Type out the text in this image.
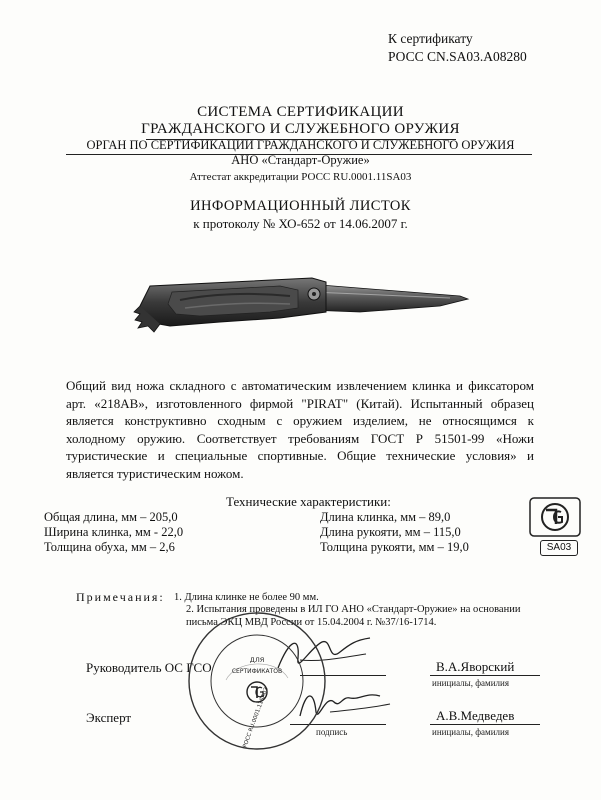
К сертификату
РОСС CN.SA03.A08280
СИСТЕМА СЕРТИФИКАЦИИ
ГРАЖДАНСКОГО И СЛУЖЕБНОГО ОРУЖИЯ
ОРГАН ПО СЕРТИФИКАЦИИ ГРАЖДАНСКОГО И СЛУЖЕБНОГО ОРУЖИЯ
АНО «Стандарт-Оружие»
Аттестат аккредитации РОСС RU.0001.11SA03
ИНФОРМАЦИОННЫЙ ЛИСТОК
к протоколу № ХО-652 от 14.06.2007 г.
Общий вид ножа складного с автоматическим извлечением клинка и фиксатором арт. «218АВ», изготовленного фирмой "PIRAT" (Китай). Испытанный образец является конструктивно сходным с оружием изделием, не относящимся к холодному оружию. Соответствует требованиям ГОСТ Р 51501-99 «Ножи туристические и специальные спортивные. Общие технические условия» и является туристическим ножом.
Технические характеристики:
Общая длина, мм – 205,0
Ширина клинка, мм - 22,0
Толщина обуха, мм – 2,6
Длина клинка, мм – 89,0
Длина рукояти, мм – 115,0
Толщина рукояти, мм – 19,0	SA03
Примечания: 1. Длина клинке не более 90 мм.
2. Испытания проведены в ИЛ ГО АНО «Стандарт-Оружие» на основании
письма ЭКЦ МВД России от 15.04.2004 г. №37/16-1714.
Руководитель ОС ГСО	В.А.Яворский
инициалы, фамилия
Эксперт
подпись
А.В.Медведев
инициалы, фамилия
ДЛЯ
СЕРТИФИКАТОВ
РОСС RU.0001.11SA03
